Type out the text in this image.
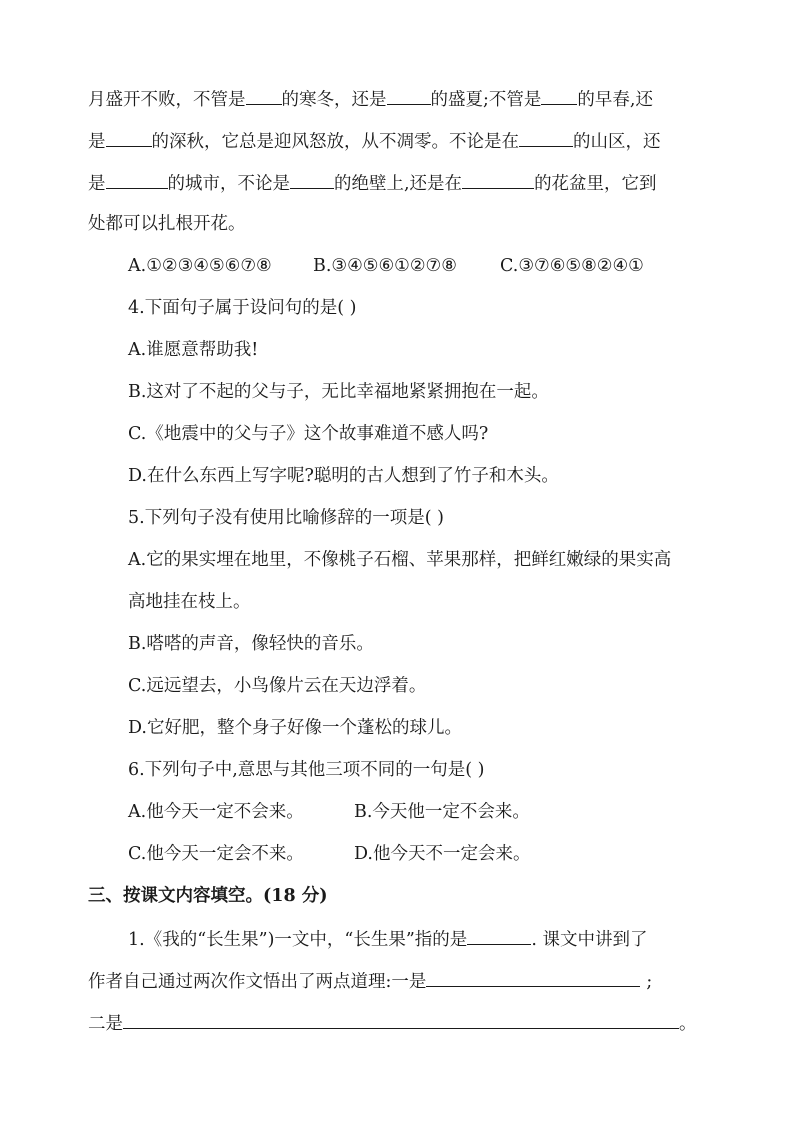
月盛开不败，不管是 的寒冬，还是	的盛夏;不管是 的早春,还
是	的深秋，它总是迎风怒放，从不凋零。不论是在	的山区，还
是	的城市，不论是	的绝壁上,还是在	的花盆里，它到
处都可以扎根开花。
A.①②③④⑤⑥⑦⑧ B.③④⑤⑥①②⑦⑧ C.③⑦⑥⑤⑧②④①
4.下面句子属于设问句的是( )
A.谁愿意帮助我!
B.这对了不起的父与子，无比幸福地紧紧拥抱在一起。
C.《地震中的父与子》这个故事难道不感人吗?
D.在什么东西上写字呢?聪明的古人想到了竹子和木头。
5.下列句子没有使用比喻修辞的一项是( )
A.它的果实埋在地里，不像桃子石榴、苹果那样，把鲜红嫩绿的果实高
高地挂在枝上。
B.嗒嗒的声音，像轻快的音乐。
C.远远望去，小鸟像片云在天边浮着。
D.它好肥，整个身子好像一个蓬松的球儿。
6.下列句子中,意思与其他三项不同的一句是( )
A.他今天一定不会来。	B.今天他一定不会来。
C.他今天一定会不来。	D.他今天不一定会来。
三、按课文内容填空。(18 分)
1.《我的“长生果”)一文中，“长生果”指的是	. 课文中讲到了
作者自己通过两次作文悟出了两点道理:一是	;
二是	。
